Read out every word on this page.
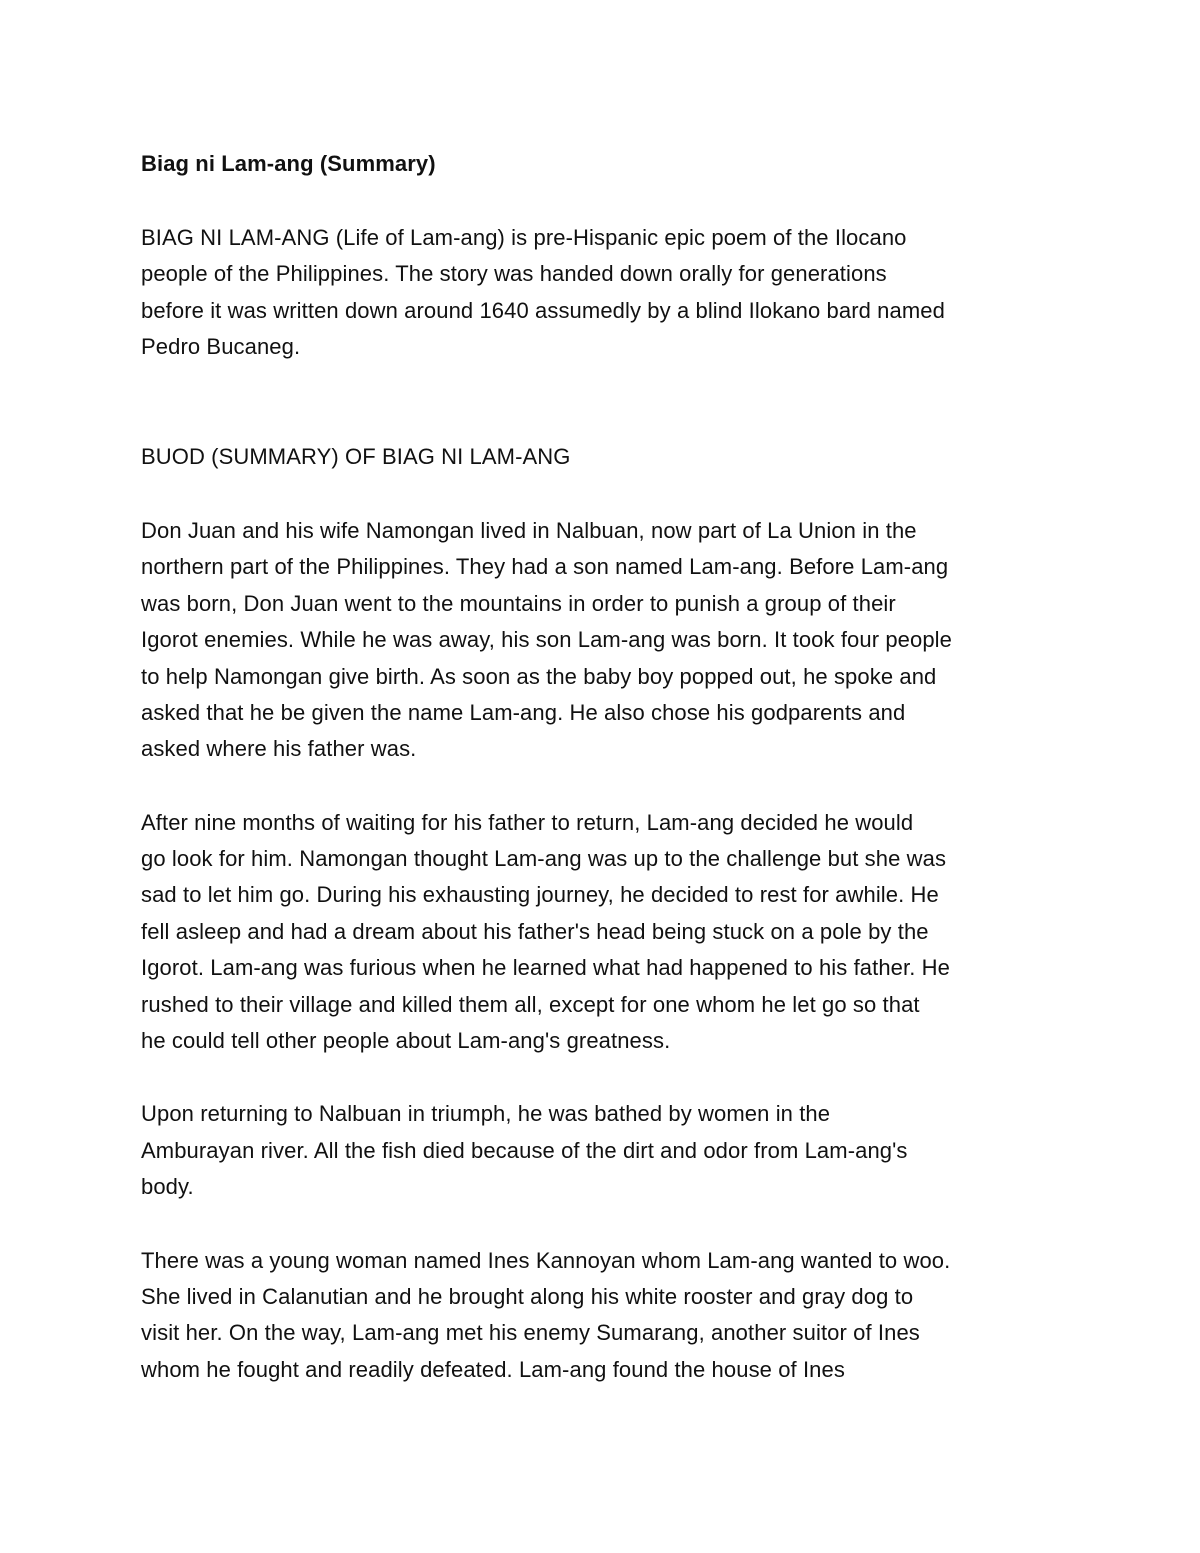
Biag ni Lam-ang (Summary)

BIAG NI LAM-ANG (Life of Lam-ang) is pre-Hispanic epic poem of the Ilocano
people of the Philippines. The story was handed down orally for generations
before it was written down around 1640 assumedly by a blind Ilokano bard named
Pedro Bucaneg.

BUOD (SUMMARY) OF BIAG NI LAM-ANG

Don Juan and his wife Namongan lived in Nalbuan, now part of La Union in the
northern part of the Philippines. They had a son named Lam-ang. Before Lam-ang
was born, Don Juan went to the mountains in order to punish a group of their
Igorot enemies. While he was away, his son Lam-ang was born. It took four people
to help Namongan give birth. As soon as the baby boy popped out, he spoke and
asked that he be given the name Lam-ang. He also chose his godparents and
asked where his father was.

After nine months of waiting for his father to return, Lam-ang decided he would
go look for him. Namongan thought Lam-ang was up to the challenge but she was
sad to let him go. During his exhausting journey, he decided to rest for awhile. He
fell asleep and had a dream about his father's head being stuck on a pole by the
Igorot. Lam-ang was furious when he learned what had happened to his father. He
rushed to their village and killed them all, except for one whom he let go so that
he could tell other people about Lam-ang's greatness.

Upon returning to Nalbuan in triumph, he was bathed by women in the
Amburayan river. All the fish died because of the dirt and odor from Lam-ang's
body.

There was a young woman named Ines Kannoyan whom Lam-ang wanted to woo.
She lived in Calanutian and he brought along his white rooster and gray dog to
visit her. On the way, Lam-ang met his enemy Sumarang, another suitor of Ines
whom he fought and readily defeated. Lam-ang found the house of Ines
